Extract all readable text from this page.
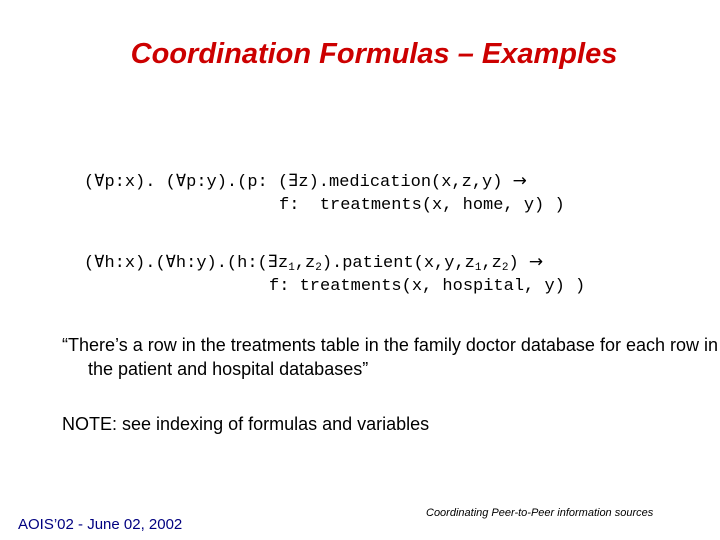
Coordination Formulas – Examples
(∀p:x). (∀p:y).(p: (∃z).medication(x,z,y) →
f:  treatments(x, home, y) )
$(\forall h:x).(\forall h:y).(h:(\exists z_1,z_2).patient(x,y,z_1,z_2)$ →
f: treatments(x, hospital, y) )
“There’s a row in the treatments table in the family doctor database for each row in the patient and hospital databases”
NOTE: see indexing of formulas and variables
AOIS’02 - June 02, 2002
Coordinating Peer-to-Peer information sources
